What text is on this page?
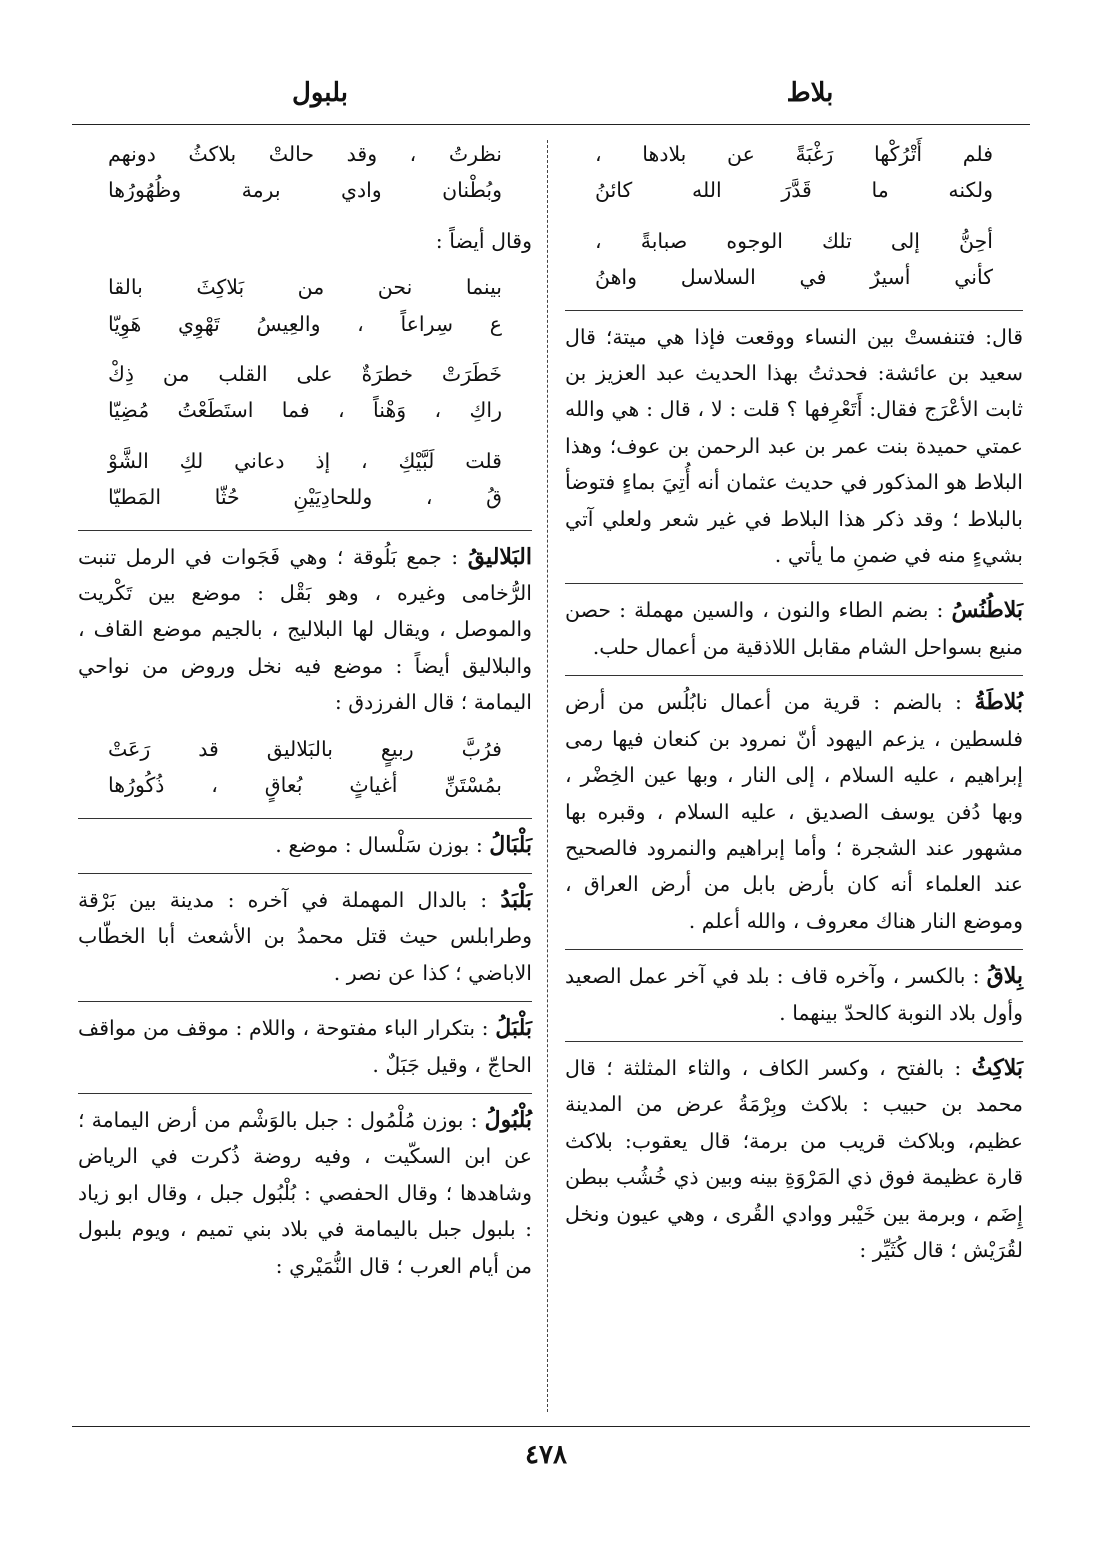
بلاط
بلبول
فلم أَتْرُكْها رَغْبَةً عن بلادها ،
ولكنه ما قَدَّرَ الله كائنُ
أحِنُّ إلى تلك الوجوه صبابةً ،
كأني أسيرٌ في السلاسل واهنُ
قال: فتنفستْ بين النساء ووقعت فإذا هي ميتة؛ قال سعيد بن عائشة: فحدثتُ بهذا الحديث عبد العزيز بن ثابت الأعْرَج فقال: أَتَعْرِفها ؟ قلت : لا ، قال : هي والله عمتي حميدة بنت عمر بن عبد الرحمن بن عوف؛ وهذا البلاط هو المذكور في حديث عثمان أنه أُتِيَ بماءٍ فتوضأ بالبلاط ؛ وقد ذكر هذا البلاط في غير شعر ولعلي آتي بشيءٍ منه في ضمنِ ما يأتي .
بَلاطُنُسُ : بضم الطاء والنون ، والسين مهملة : حصن منيع بسواحل الشام مقابل اللاذقية من أعمال حلب.
بُلاطَةُ : بالضم : قرية من أعمال نابُلُس من أرض فلسطين ، يزعم اليهود أنّ نمرود بن كنعان فيها رمى إبراهيم ، عليه السلام ، إلى النار ، وبها عين الخِضْر ، وبها دُفن يوسف الصديق ، عليه السلام ، وقبره بها مشهور عند الشجرة ؛ وأما إبراهيم والنمرود فالصحيح عند العلماء أنه كان بأرض بابل من أرض العراق ، وموضع النار هناك معروف ، والله أعلم .
بِلاقُ : بالكسر ، وآخره قاف : بلد في آخر عمل الصعيد وأول بلاد النوبة كالحدّ بينهما .
بَلاكِثُ : بالفتح ، وكسر الكاف ، والثاء المثلثة ؛ قال محمد بن حبيب : بلاكث وبِرْمَةُ عرض من المدينة عظيم، وبلاكث قريب من برمة؛ قال يعقوب: بلاكث قارة عظيمة فوق ذي المَرْوَةِ بينه وبين ذي خُشُب ببطن إِضَم ، وبرمة بين خَيْبر ووادي القُرى ، وهي عيون ونخل لقُرَيْش ؛ قال كُثَيِّر :
نظرتُ ، وقد حالتْ بلاكثُ دونهم
وبُطْنان وادي برمة وظُهُورُها
وقال أيضاً :
بينما نحن من بَلاكِثَ بالقا
ع سِراعاً ، والعِيسُ تَهْوِي هَوِيّا
خَطَرَتْ خطرَةٌ على القلب من ذِكْ
راكِ ، وَهْناً ، فما استَطَعْتُ مُضِيّا
قلت لَبَّيْكِ ، إذ دعاني لكِ الشَّوْ
قُ ، وللحادِيَيْنِ حُثّا المَطيّا
البَلاليقُ : جمع بَلُوقة ؛ وهي فَجَوات في الرمل تنبت الرُّخامى وغيره ، وهو بَقْل : موضع بين تَكْريت والموصل ، ويقال لها البلاليج ، بالجيم موضع القاف ، والبلاليق أيضاً : موضع فيه نخل وروض من نواحي اليمامة ؛ قال الفرزدق :
فرُبَّ ربيعٍ بالبَلاليق قد رَعَتْ
بمُسْتَنِّ أغياثٍ بُعاقٍ ، ذُكُورُها
بَلْبَالُ : بوزن سَلْسال : موضع .
بَلْبَدُ : بالدال المهملة في آخره : مدينة بين بَرْقة وطرابلس حيث قتل محمدُ بن الأشعث أبا الخطّاب الاباضي ؛ كذا عن نصر .
بَلْبَلُ : بتكرار الباء مفتوحة ، واللام : موقف من مواقف الحاجّ ، وقيل جَبَلٌ .
بُلْبُولُ : بوزن مُلْمُول : جبل بالوَشْم من أرض اليمامة ؛ عن ابن السكّيت ، وفيه روضة ذُكرت في الرياض وشاهدها ؛ وقال الحفصي : بُلْبُول جبل ، وقال ابو زياد : بلبول جبل باليمامة في بلاد بني تميم ، ويوم بلبول من أيام العرب ؛ قال النُّمَيْري :
٤٧٨
